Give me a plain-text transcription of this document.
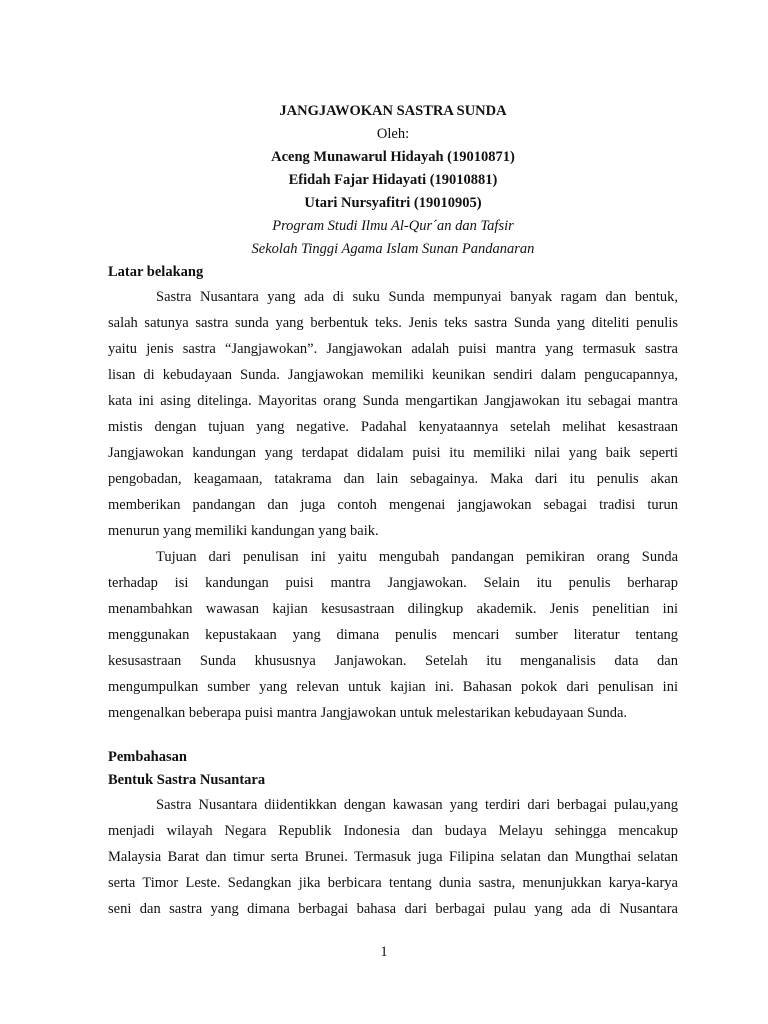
JANGJAWOKAN SASTRA SUNDA
Oleh:
Aceng Munawarul Hidayah (19010871)
Efidah Fajar Hidayati (19010881)
Utari Nursyafitri (19010905)
Program Studi Ilmu Al-Qur´an dan Tafsir
Sekolah Tinggi Agama Islam Sunan Pandanaran
Latar belakang
Sastra Nusantara yang ada di suku Sunda mempunyai banyak ragam dan bentuk,
salah satunya sastra sunda yang berbentuk teks. Jenis teks sastra Sunda yang diteliti penulis
yaitu jenis sastra “Jangjawokan”. Jangjawokan adalah puisi mantra yang termasuk sastra
lisan di kebudayaan Sunda. Jangjawokan memiliki keunikan sendiri dalam pengucapannya,
kata ini asing ditelinga. Mayoritas orang Sunda mengartikan Jangjawokan itu sebagai mantra
mistis dengan tujuan yang negative. Padahal kenyataannya setelah melihat kesastraan
Jangjawokan kandungan yang terdapat didalam puisi itu memiliki nilai yang baik seperti
pengobadan, keagamaan, tatakrama dan lain sebagainya. Maka dari itu penulis akan
memberikan pandangan dan juga contoh mengenai jangjawokan sebagai tradisi turun
menurun yang memiliki kandungan yang baik.
Tujuan dari penulisan ini yaitu mengubah pandangan pemikiran orang Sunda
terhadap isi kandungan puisi mantra Jangjawokan. Selain itu penulis berharap
menambahkan wawasan kajian kesusastraan dilingkup akademik. Jenis penelitian ini
menggunakan kepustakaan yang dimana penulis mencari sumber literatur tentang
kesusastraan Sunda khususnya Janjawokan. Setelah itu menganalisis data dan
mengumpulkan sumber yang relevan untuk kajian ini. Bahasan pokok dari penulisan ini
mengenalkan beberapa puisi mantra Jangjawokan untuk melestarikan kebudayaan Sunda.
Pembahasan
Bentuk Sastra Nusantara
Sastra Nusantara diidentikkan dengan kawasan yang terdiri dari berbagai pulau,yang
menjadi wilayah Negara Republik Indonesia dan budaya Melayu sehingga mencakup
Malaysia Barat dan timur serta Brunei. Termasuk juga Filipina selatan dan Mungthai selatan
serta Timor Leste. Sedangkan jika berbicara tentang dunia sastra, menunjukkan karya-karya
seni dan sastra yang dimana berbagai bahasa dari berbagai pulau yang ada di Nusantara
1
